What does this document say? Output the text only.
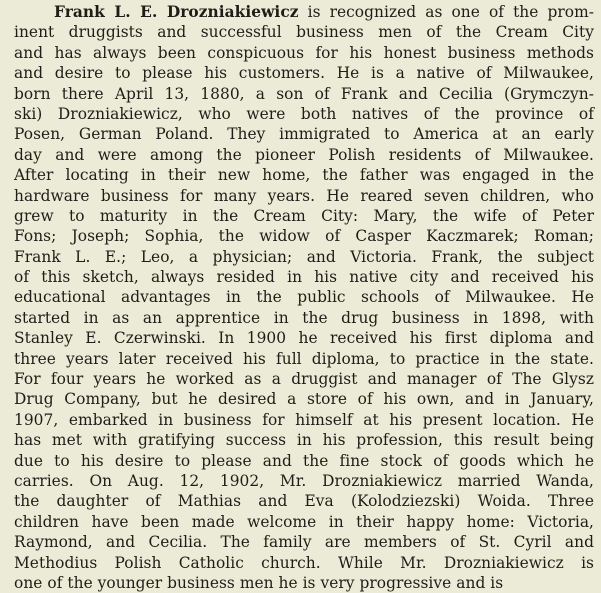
Frank L. E. Drozniakiewicz is recognized as one of the prom-
inent druggists and successful business men of the Cream City
and has always been conspicuous for his honest business methods
and desire to please his customers. He is a native of Milwaukee,
born there April 13, 1880, a son of Frank and Cecilia (Grymczyn-
ski) Drozniakiewicz, who were both natives of the province of
Posen, German Poland. They immigrated to America at an early
day and were among the pioneer Polish residents of Milwaukee.
After locating in their new home, the father was engaged in the
hardware business for many years. He reared seven children, who
grew to maturity in the Cream City: Mary, the wife of Peter
Fons; Joseph; Sophia, the widow of Casper Kaczmarek; Roman;
Frank L. E.; Leo, a physician; and Victoria. Frank, the subject
of this sketch, always resided in his native city and received his
educational advantages in the public schools of Milwaukee. He
started in as an apprentice in the drug business in 1898, with
Stanley E. Czerwinski. In 1900 he received his first diploma and
three years later received his full diploma, to practice in the state.
For four years he worked as a druggist and manager of The Glysz
Drug Company, but he desired a store of his own, and in January,
1907, embarked in business for himself at his present location. He
has met with gratifying success in his profession, this result being
due to his desire to please and the fine stock of goods which he
carries. On Aug. 12, 1902, Mr. Drozniakiewicz married Wanda,
the daughter of Mathias and Eva (Kolodziezski) Woida. Three
children have been made welcome in their happy home: Victoria,
Raymond, and Cecilia. The family are members of St. Cyril and
Methodius Polish Catholic church. While Mr. Drozniakiewicz is
one of the younger business men he is very progressive and is
